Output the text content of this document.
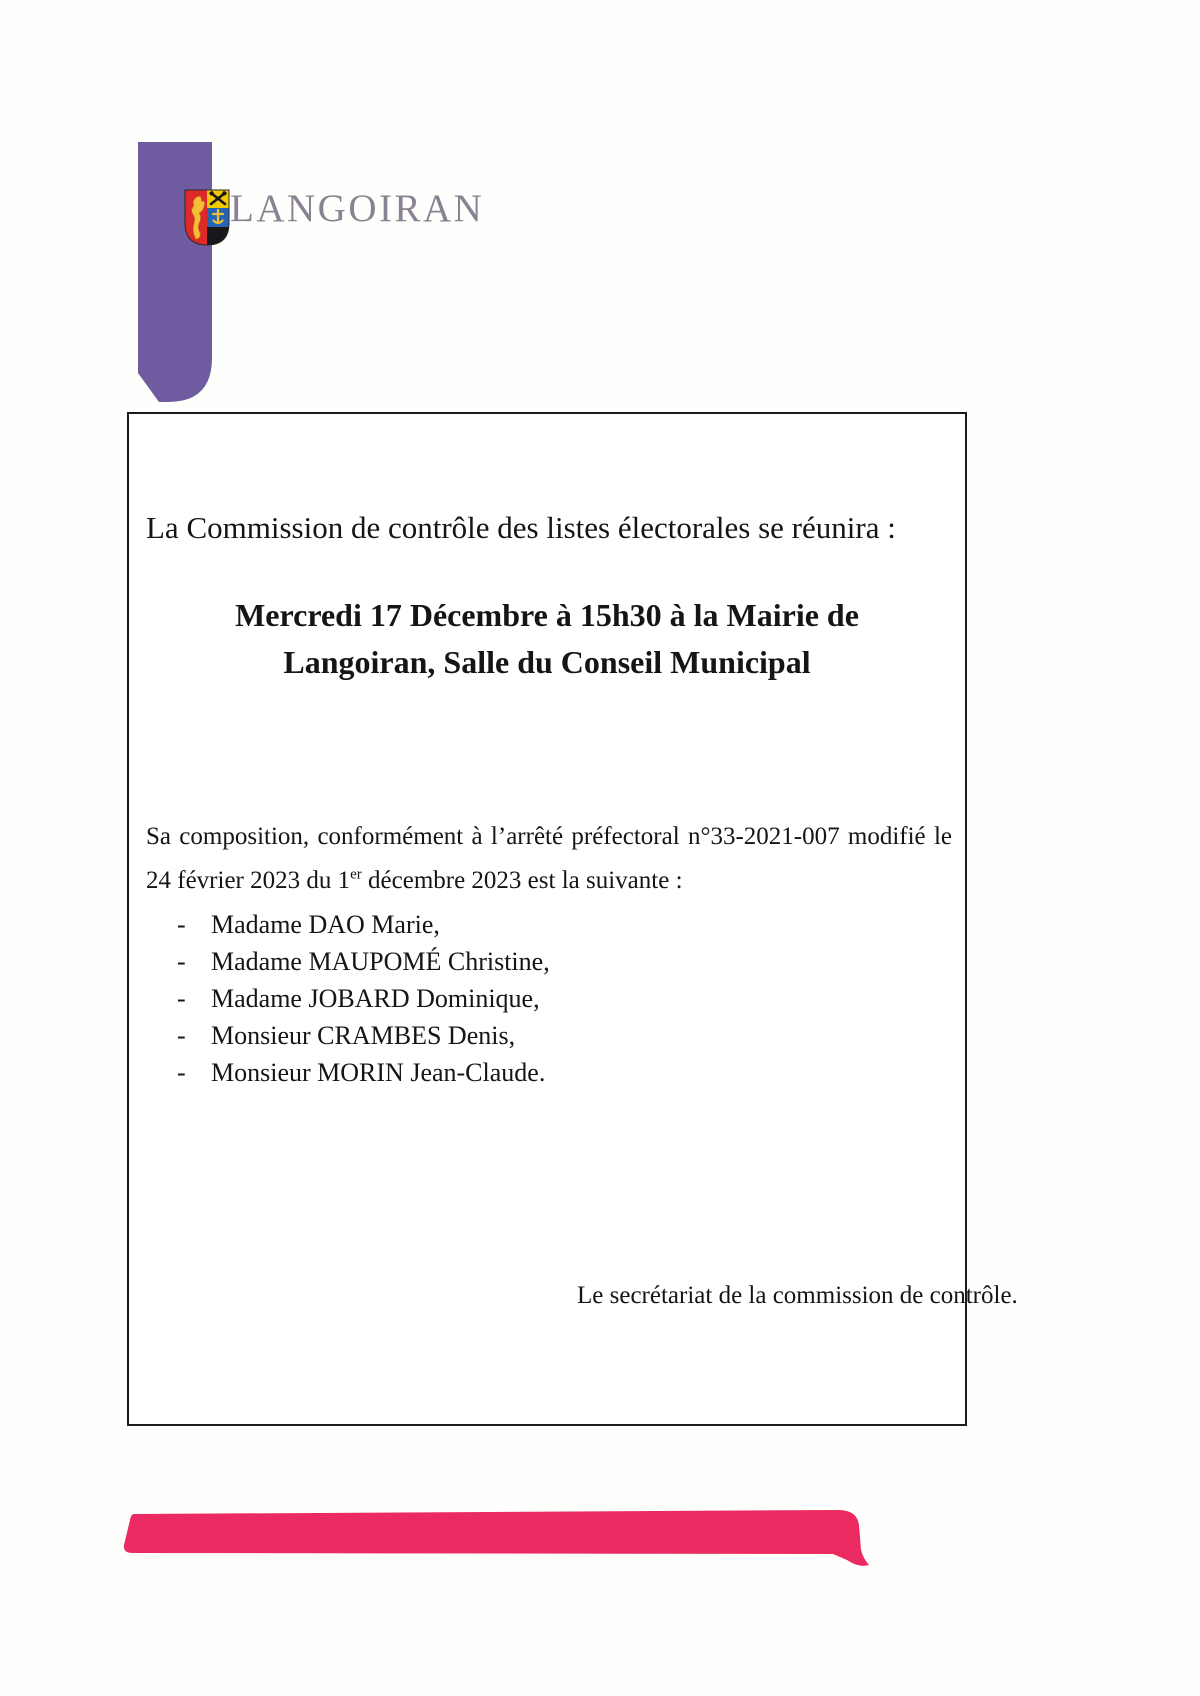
LANGOIRAN
La Commission de contrôle des listes électorales se réunira :
Mercredi 17 Décembre à 15h30 à la Mairie de
Langoiran, Salle du Conseil Municipal

Sa composition, conformément à l’arrêté préfectoral n°33-2021-007 modifié le 24 février 2023 du 1er décembre 2023 est la suivante :

- Madame DAO Marie,
- Madame MAUPOMÉ Christine,
- Madame JOBARD Dominique,
- Monsieur CRAMBES Denis,
- Monsieur MORIN Jean-Claude.
Le secrétariat de la commission de contrôle.
